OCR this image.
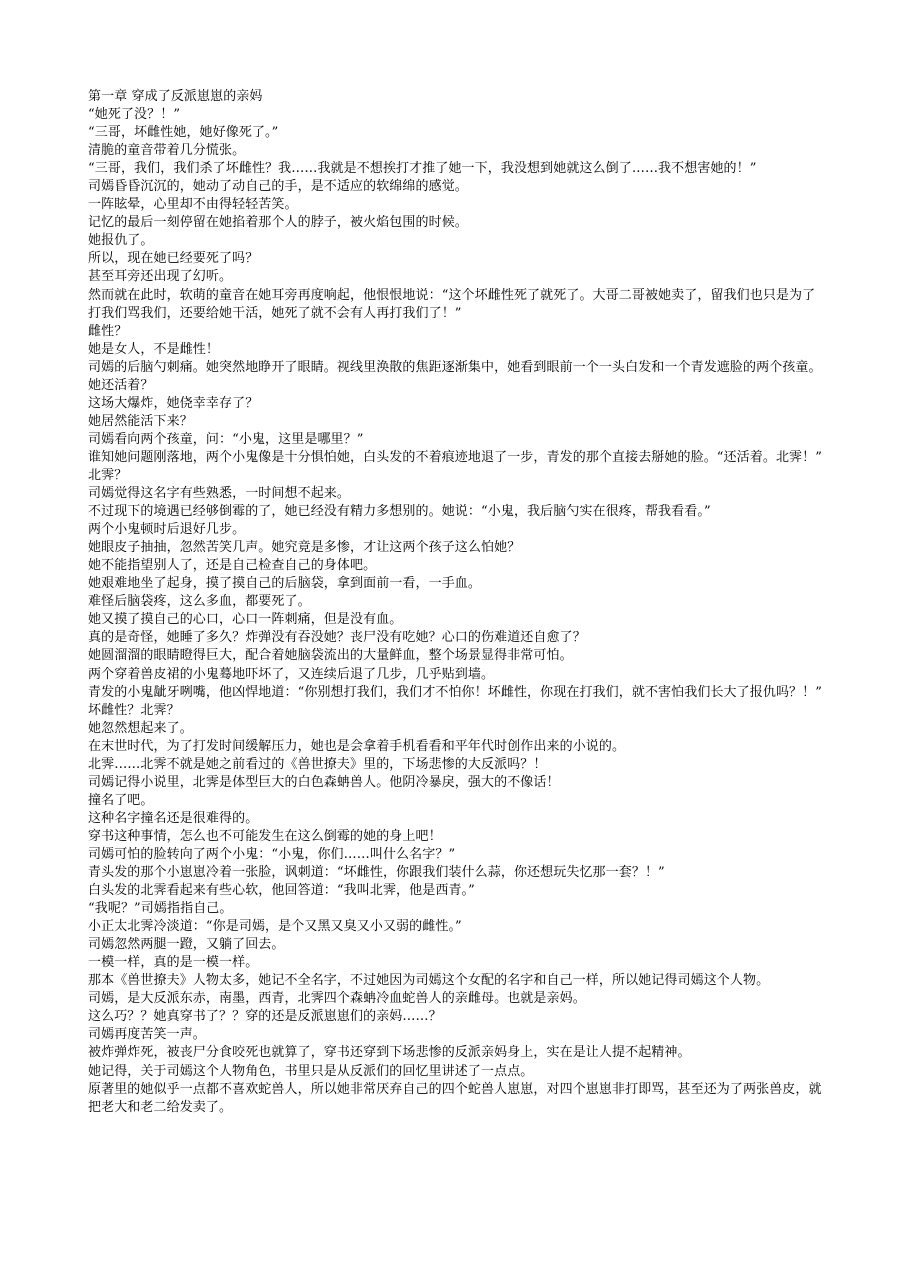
第一章 穿成了反派崽崽的亲妈

“她死了没？！”

“三哥，坏雌性她，她好像死了。”

清脆的童音带着几分慌张。

“三哥，我们，我们杀了坏雌性？我……我就是不想挨打才推了她一下，我没想到她就这么倒了……我不想害她的！”

司嫣昏昏沉沉的，她动了动自己的手，是不适应的软绵绵的感觉。

一阵眩晕，心里却不由得轻轻苦笑。

记忆的最后一刻停留在她掐着那个人的脖子，被火焰包围的时候。

她报仇了。

所以，现在她已经要死了吗？

甚至耳旁还出现了幻听。

然而就在此时，软萌的童音在她耳旁再度响起，他恨恨地说：“这个坏雌性死了就死了。大哥二哥被她卖了，留我们也只是为了打我们骂我们，还要给她干活，她死了就不会有人再打我们了！”

雌性？

她是女人，不是雌性！

司嫣的后脑勺刺痛。她突然地睁开了眼睛。视线里涣散的焦距逐渐集中，她看到眼前一个一头白发和一个青发遮脸的两个孩童。

她还活着？

这场大爆炸，她侥幸幸存了？

她居然能活下来？

司嫣看向两个孩童，问：“小鬼，这里是哪里？”

谁知她问题刚落地，两个小鬼像是十分惧怕她，白头发的不着痕迹地退了一步，青发的那个直接去掰她的脸。“还活着。北霁！”

北霁？

司嫣觉得这名字有些熟悉，一时间想不起来。

不过现下的境遇已经够倒霉的了，她已经没有精力多想别的。她说：“小鬼，我后脑勺实在很疼，帮我看看。”

两个小鬼顿时后退好几步。

她眼皮子抽抽，忽然苦笑几声。她究竟是多惨，才让这两个孩子这么怕她？

她不能指望别人了，还是自己检查自己的身体吧。

她艰难地坐了起身，摸了摸自己的后脑袋，拿到面前一看，一手血。

难怪后脑袋疼，这么多血，都要死了。

她又摸了摸自己的心口，心口一阵刺痛，但是没有血。

真的是奇怪，她睡了多久？炸弹没有吞没她？丧尸没有吃她？心口的伤难道还自愈了？

她圆溜溜的眼睛瞪得巨大，配合着她脑袋流出的大量鲜血，整个场景显得非常可怕。

两个穿着兽皮裙的小鬼蓦地吓坏了，又连续后退了几步，几乎贴到墙。

青发的小鬼龇牙咧嘴，他凶悍地道：“你别想打我们，我们才不怕你！坏雌性，你现在打我们，就不害怕我们长大了报仇吗？！”

坏雌性？北霁？

她忽然想起来了。

在末世时代，为了打发时间缓解压力，她也是会拿着手机看看和平年代时创作出来的小说的。

北霁……北霁不就是她之前看过的《兽世撩夫》里的，下场悲惨的大反派吗？！

司嫣记得小说里，北霁是体型巨大的白色森蚺兽人。他阴冷暴戾，强大的不像话！

撞名了吧。

这种名字撞名还是很难得的。

穿书这种事情，怎么也不可能发生在这么倒霉的她的身上吧！

司嫣可怕的脸转向了两个小鬼：“小鬼，你们……叫什么名字？”

青头发的那个小崽崽冷着一张脸，讽刺道：“坏雌性，你跟我们装什么蒜，你还想玩失忆那一套？！”

白头发的北霁看起来有些心软，他回答道：“我叫北霁，他是西青。”

“我呢？”司嫣指指自己。

小正太北霁冷淡道：“你是司嫣，是个又黑又臭又小又弱的雌性。”

司嫣忽然两腿一蹬，又躺了回去。

一模一样，真的是一模一样。

那本《兽世撩夫》人物太多，她记不全名字，不过她因为司嫣这个女配的名字和自己一样，所以她记得司嫣这个人物。

司嫣，是大反派东赤，南墨，西青，北霁四个森蚺冷血蛇兽人的亲雌母。也就是亲妈。

这么巧？？她真穿书了？？穿的还是反派崽崽们的亲妈……？

司嫣再度苦笑一声。

被炸弹炸死，被丧尸分食咬死也就算了，穿书还穿到下场悲惨的反派亲妈身上，实在是让人提不起精神。

她记得，关于司嫣这个人物角色，书里只是从反派们的回忆里讲述了一点点。

原著里的她似乎一点都不喜欢蛇兽人，所以她非常厌弃自己的四个蛇兽人崽崽，对四个崽崽非打即骂，甚至还为了两张兽皮，就把老大和老二给发卖了。
